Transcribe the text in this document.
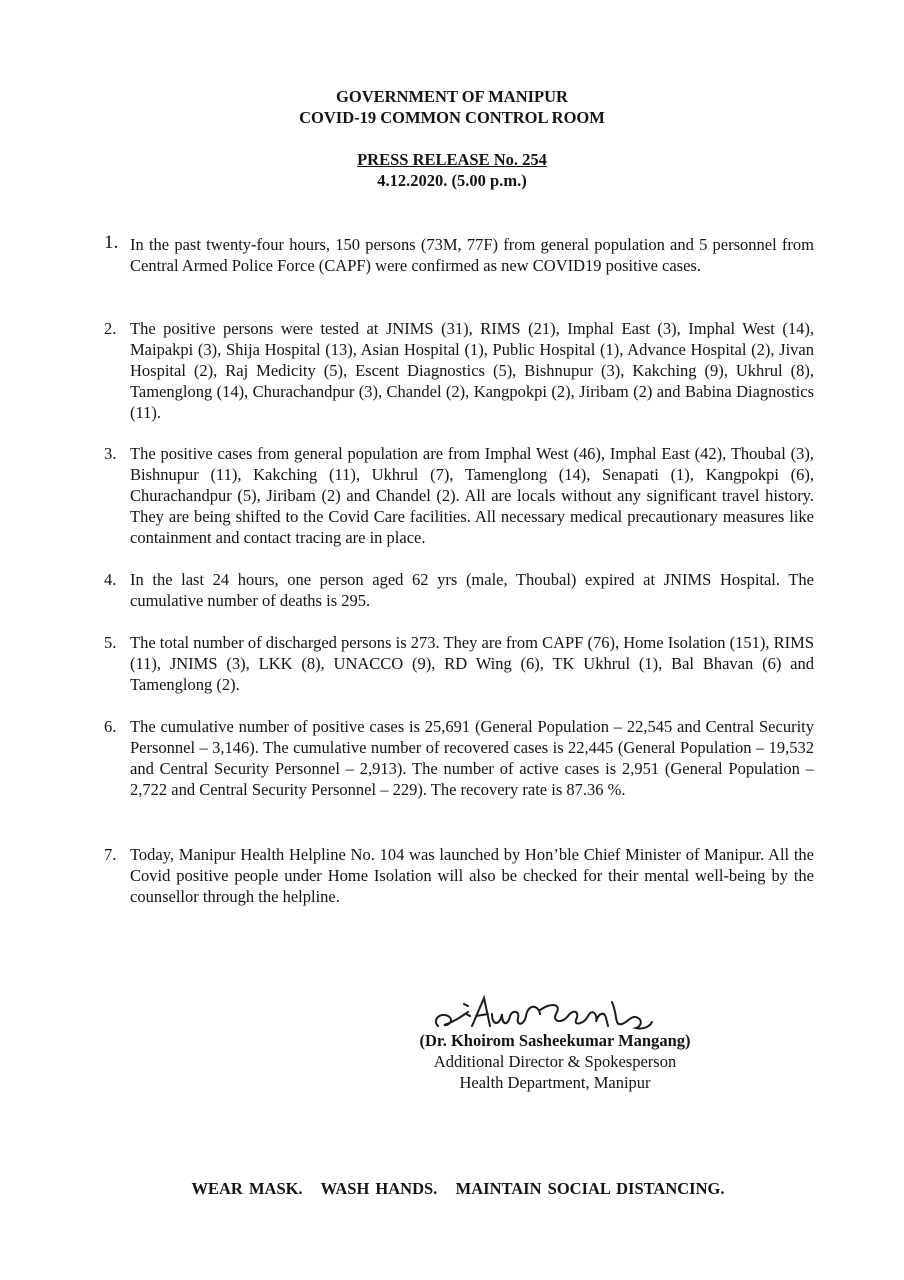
GOVERNMENT OF MANIPUR
COVID-19 COMMON CONTROL ROOM
PRESS RELEASE No. 254
4.12.2020. (5.00 p.m.)
1. In the past twenty-four hours, 150 persons (73M, 77F) from general population and 5 personnel from Central Armed Police Force (CAPF) were confirmed as new COVID19 positive cases.
2. The positive persons were tested at JNIMS (31), RIMS (21), Imphal East (3), Imphal West (14), Maipakpi (3), Shija Hospital (13), Asian Hospital (1), Public Hospital (1), Advance Hospital (2), Jivan Hospital (2), Raj Medicity (5), Escent Diagnostics (5), Bishnupur (3), Kakching (9), Ukhrul (8), Tamenglong (14), Churachandpur (3), Chandel (2), Kangpokpi (2), Jiribam (2) and Babina Diagnostics (11).
3. The positive cases from general population are from Imphal West (46), Imphal East (42), Thoubal (3), Bishnupur (11), Kakching (11), Ukhrul (7), Tamenglong (14), Senapati (1), Kangpokpi (6), Churachandpur (5), Jiribam (2) and Chandel (2). All are locals without any significant travel history. They are being shifted to the Covid Care facilities. All necessary medical precautionary measures like containment and contact tracing are in place.
4. In the last 24 hours, one person aged 62 yrs (male, Thoubal) expired at JNIMS Hospital. The cumulative number of deaths is 295.
5. The total number of discharged persons is 273. They are from CAPF (76), Home Isolation (151), RIMS (11), JNIMS (3), LKK (8), UNACCO (9), RD Wing (6), TK Ukhrul (1), Bal Bhavan (6) and Tamenglong (2).
6. The cumulative number of positive cases is 25,691 (General Population – 22,545 and Central Security Personnel – 3,146). The cumulative number of recovered cases is 22,445 (General Population – 19,532 and Central Security Personnel – 2,913). The number of active cases is 2,951 (General Population – 2,722 and Central Security Personnel – 229). The recovery rate is 87.36 %.
7. Today, Manipur Health Helpline No. 104 was launched by Hon’ble Chief Minister of Manipur. All the Covid positive people under Home Isolation will also be checked for their mental well-being by the counsellor through the helpline.
(Dr. Khoirom Sasheekumar Mangang)
Additional Director & Spokesperson
Health Department, Manipur
WEAR MASK.   WASH HANDS.   MAINTAIN SOCIAL DISTANCING.
